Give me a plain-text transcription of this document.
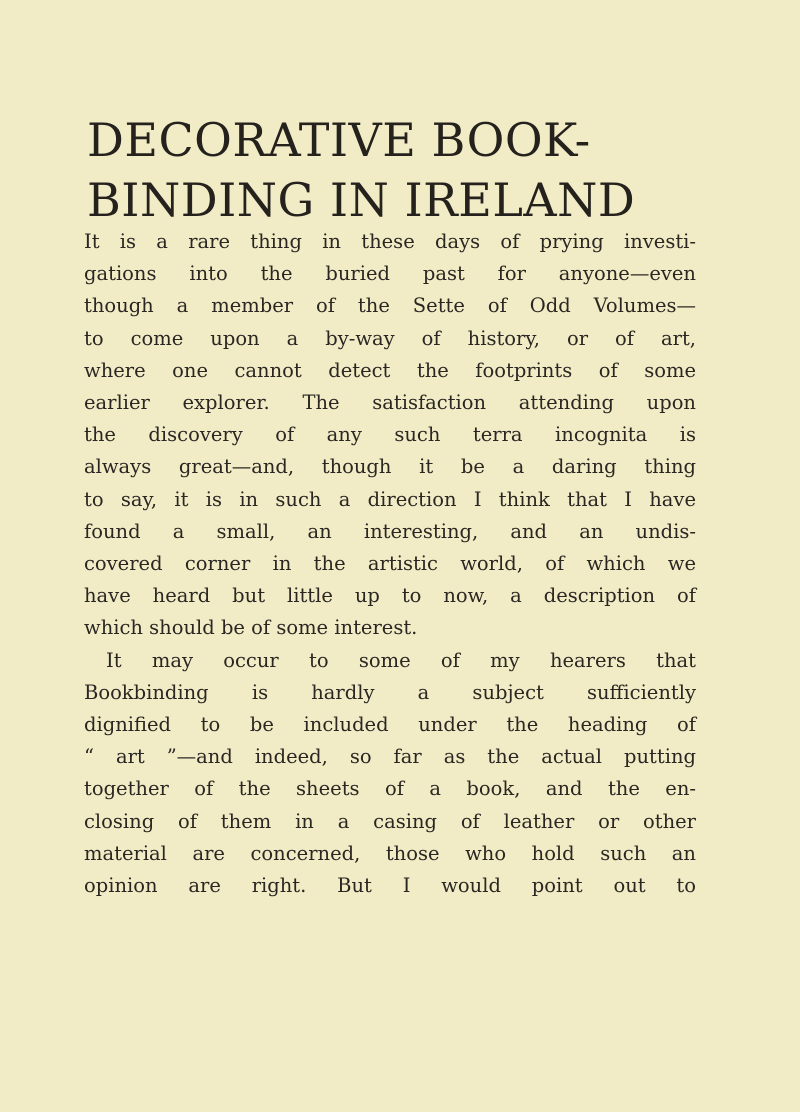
DECORATIVE BOOK-
BINDING IN IRELAND

It is a rare thing in these days of prying investi-
gations into the buried past for anyone—even
though a member of the Sette of Odd Volumes—
to come upon a by-way of history, or of art,
where one cannot detect the footprints of some
earlier explorer. The satisfaction attending upon
the discovery of any such terra incognita is
always great—and, though it be a daring thing
to say, it is in such a direction I think that I have
found a small, an interesting, and an undis-
covered corner in the artistic world, of which we
have heard but little up to now, a description of
which should be of some interest.

It may occur to some of my hearers that
Bookbinding is hardly a subject sufficiently
dignified to be included under the heading of
“ art ”—and indeed, so far as the actual putting
together of the sheets of a book, and the en-
closing of them in a casing of leather or other
material are concerned, those who hold such an
opinion are right. But I would point out to
